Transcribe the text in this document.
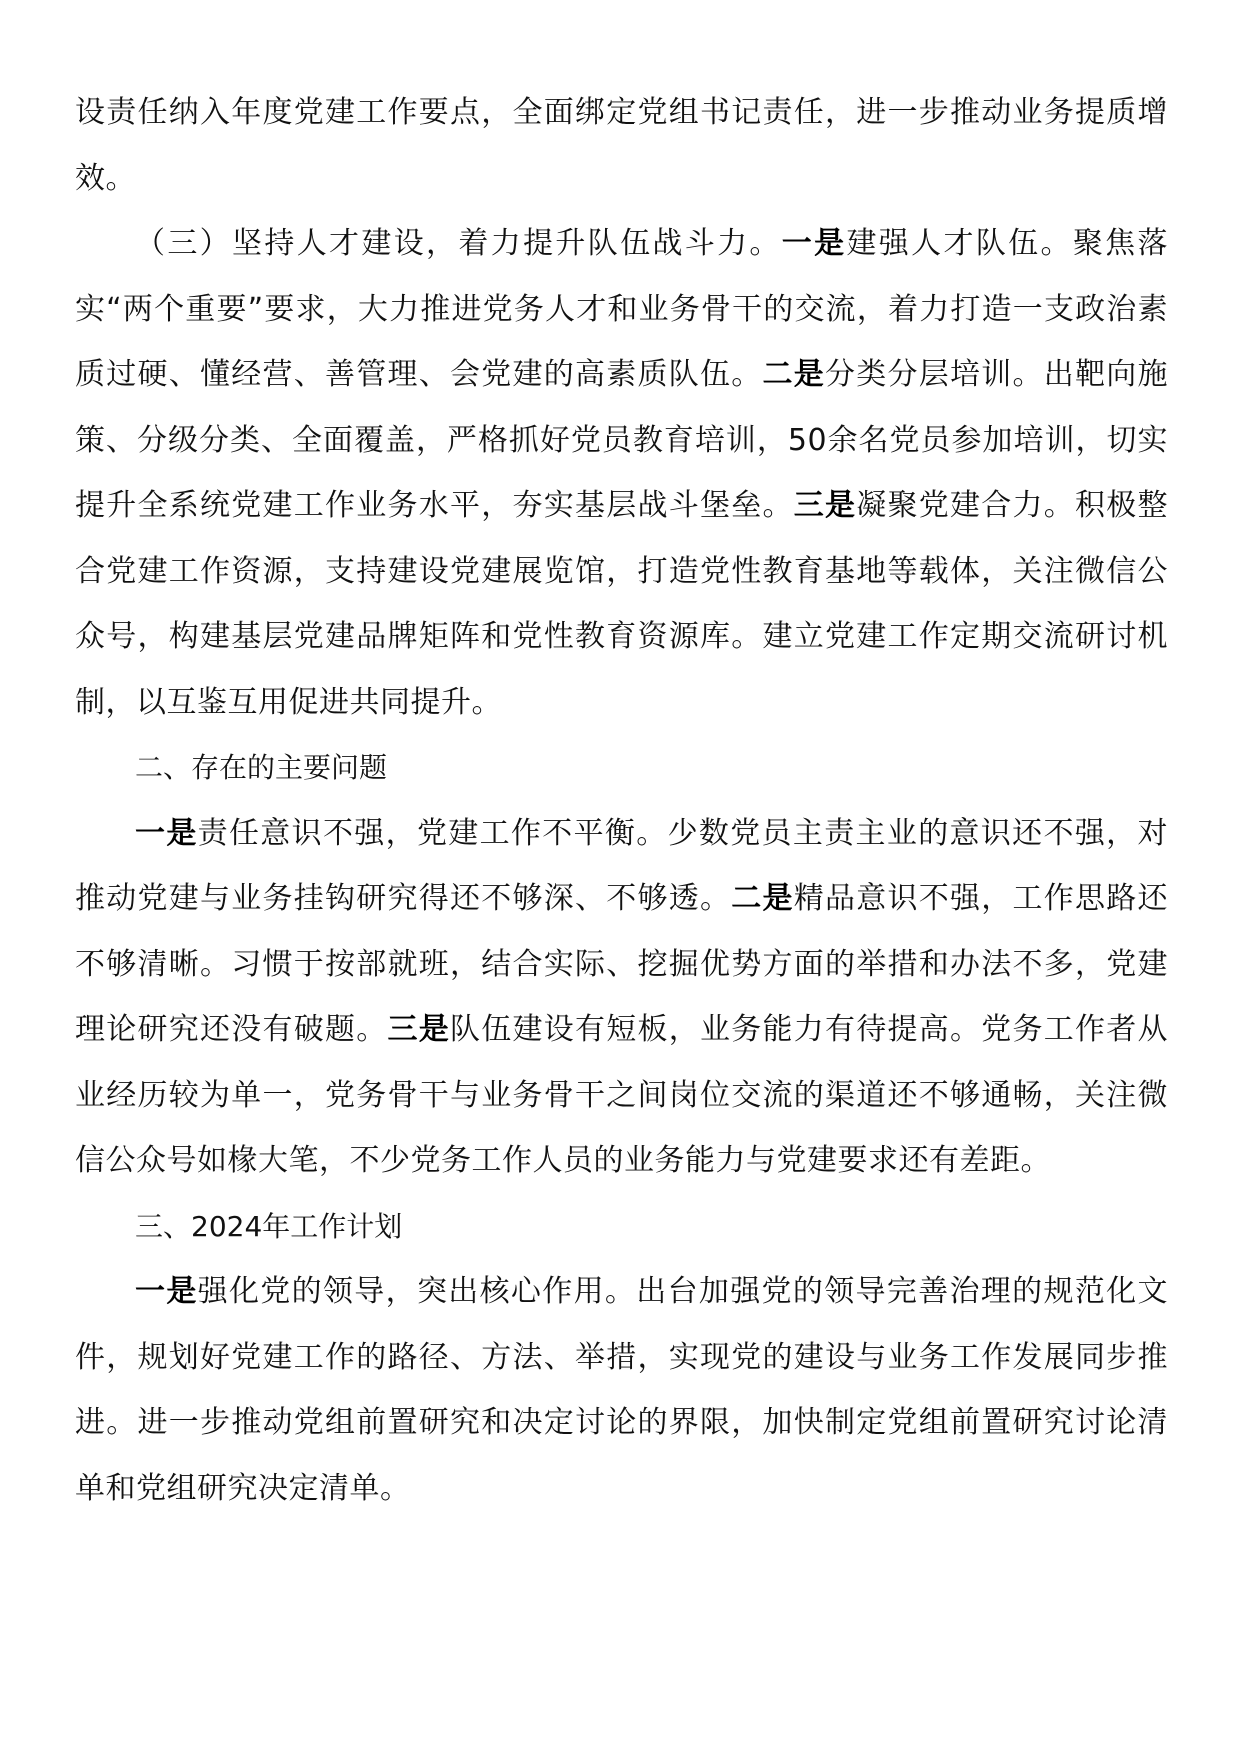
设责任纳入年度党建工作要点，全面绑定党组书记责任，进一步推动业务提质增效。

（三）坚持人才建设，着力提升队伍战斗力。一是建强人才队伍。聚焦落实“两个重要”要求，大力推进党务人才和业务骨干的交流，着力打造一支政治素质过硬、懂经营、善管理、会党建的高素质队伍。二是分类分层培训。出靶向施策、分级分类、全面覆盖，严格抓好党员教育培训，50余名党员参加培训，切实提升全系统党建工作业务水平，夯实基层战斗堡垒。三是凝聚党建合力。积极整合党建工作资源，支持建设党建展览馆，打造党性教育基地等载体，关注微信公众号，构建基层党建品牌矩阵和党性教育资源库。建立党建工作定期交流研讨机制，以互鉴互用促进共同提升。

二、存在的主要问题

一是责任意识不强，党建工作不平衡。少数党员主责主业的意识还不强，对推动党建与业务挂钩研究得还不够深、不够透。二是精品意识不强，工作思路还不够清晰。习惯于按部就班，结合实际、挖掘优势方面的举措和办法不多，党建理论研究还没有破题。三是队伍建设有短板，业务能力有待提高。党务工作者从业经历较为单一，党务骨干与业务骨干之间岗位交流的渠道还不够通畅，关注微信公众号如椽大笔，不少党务工作人员的业务能力与党建要求还有差距。

三、2024年工作计划

一是强化党的领导，突出核心作用。出台加强党的领导完善治理的规范化文件，规划好党建工作的路径、方法、举措，实现党的建设与业务工作发展同步推进。进一步推动党组前置研究和决定讨论的界限，加快制定党组前置研究讨论清单和党组研究决定清单。
